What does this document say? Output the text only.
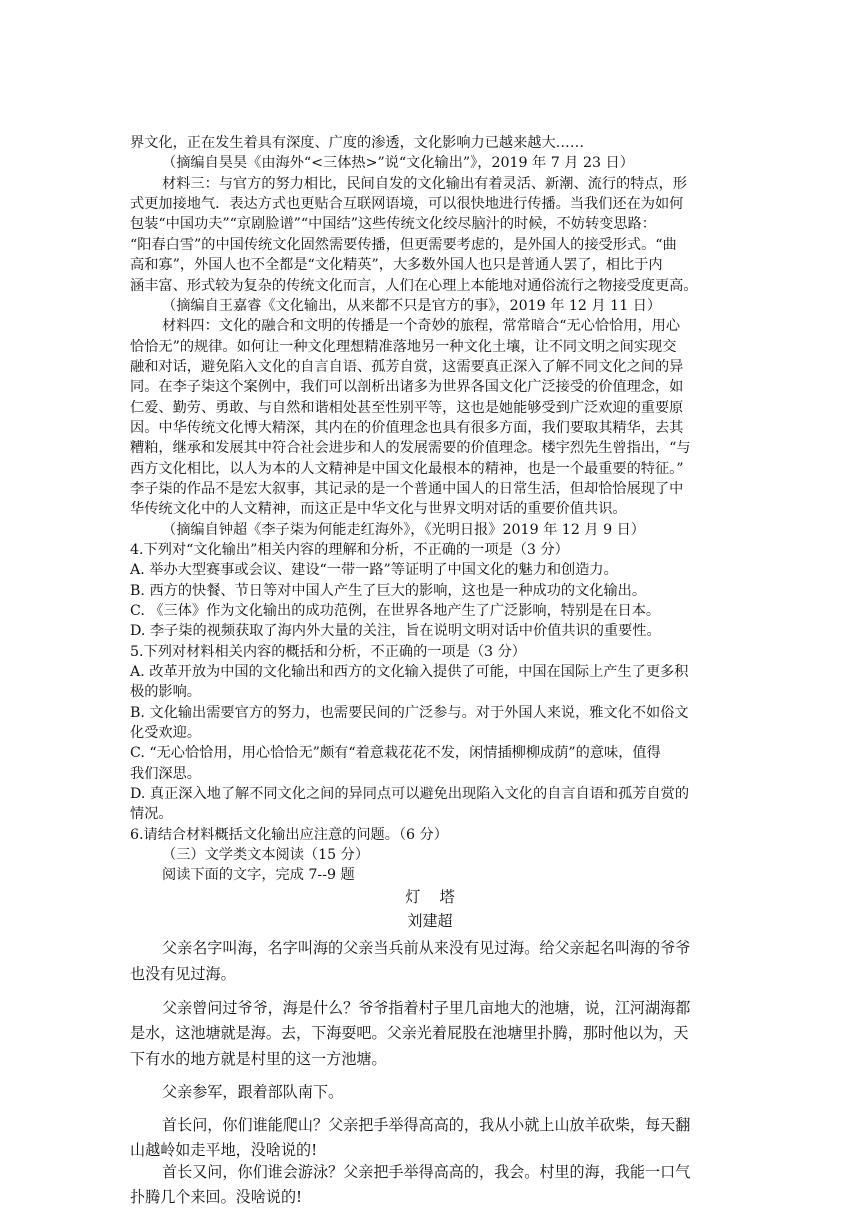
界文化，正在发生着具有深度、广度的渗透，文化影响力已越来越大……
（摘编自昊昊《由海外“<三体热>”说“文化输出”》，2019 年 7 月 23 日）
材料三：与官方的努力相比，民间自发的文化输出有着灵活、新潮、流行的特点，形
式更加接地气．表达方式也更贴合互联网语境，可以很快地进行传播。当我们还在为如何
包装“中国功夫”“京剧脸谱”“中国结”这些传统文化绞尽脑汁的时候，不妨转变思路：
“阳春白雪”的中国传统文化固然需要传播，但更需要考虑的，是外国人的接受形式。“曲
高和寡”，外国人也不全都是“文化精英”，大多数外国人也只是普通人罢了，相比于内
涵丰富、形式较为复杂的传统文化而言，人们在心理上本能地对通俗流行之物接受度更高。
（摘编自王嘉睿《文化输出，从来都不只是官方的事》，2019 年 12 月 11 日）
材料四：文化的融合和文明的传播是一个奇妙的旅程，常常暗合“无心恰恰用，用心
恰恰无”的规律。如何让一种文化理想精准落地另一种文化土壤，让不同文明之间实现交
融和对话，避免陷入文化的自言自语、孤芳自赏，这需要真正深入了解不同文化之间的异
同。在李子柒这个案例中，我们可以剖析出诸多为世界各国文化广泛接受的价值理念，如
仁爱、勤劳、勇敢、与自然和谐相处甚至性别平等，这也是她能够受到广泛欢迎的重要原
因。中华传统文化博大精深，其内在的价值理念也具有很多方面，我们要取其精华，去其
糟粕，继承和发展其中符合社会进步和人的发展需要的价值理念。楼宇烈先生曾指出，“与
西方文化相比，以人为本的人文精神是中国文化最根本的精神，也是一个最重要的特征。”
李子柒的作品不是宏大叙事，其记录的是一个普通中国人的日常生活，但却恰恰展现了中
华传统文化中的人文精神，而这正是中华文化与世界文明对话的重要价值共识。
（摘编自钟超《李子柒为何能走红海外》，《光明日报》2019 年 12 月 9 日）
4.下列对“文化输出”相关内容的理解和分析，不正确的一项是（3 分）
A. 举办大型赛事或会议、建设“一带一路”等证明了中国文化的魅力和创造力。
B. 西方的快餐、节日等对中国人产生了巨大的影响，这也是一种成功的文化输出。
C. 《三体》作为文化输出的成功范例，在世界各地产生了广泛影响，特别是在日本。
D. 李子柒的视频获取了海内外大量的关注，旨在说明文明对话中价值共识的重要性。
5.下列对材料相关内容的概括和分析，不正确的一项是（3 分）
A. 改革开放为中国的文化输出和西方的文化输入提供了可能，中国在国际上产生了更多积
极的影响。
B. 文化输出需要官方的努力，也需要民间的广泛参与。对于外国人来说，雅文化不如俗文
化受欢迎。
C. “无心恰恰用，用心恰恰无”颇有“着意栽花花不发，闲情插柳柳成荫”的意味，值得
我们深思。
D. 真正深入地了解不同文化之间的异同点可以避免出现陷入文化的自言自语和孤芳自赏的
情况。
6.请结合材料概括文化输出应注意的问题。（6 分）
（三）文学类文本阅读（15 分）
阅读下面的文字，完成 7--9 题
灯    塔
刘建超
父亲名字叫海，名字叫海的父亲当兵前从来没有见过海。给父亲起名叫海的爷爷
也没有见过海。
父亲曾问过爷爷，海是什么？爷爷指着村子里几亩地大的池塘，说，江河湖海都
是水，这池塘就是海。去，下海耍吧。父亲光着屁股在池塘里扑腾，那时他以为，天
下有水的地方就是村里的这一方池塘。
父亲参军，跟着部队南下。
首长问，你们谁能爬山？父亲把手举得高高的，我从小就上山放羊砍柴，每天翻
山越岭如走平地，没啥说的!
首长又问，你们谁会游泳？父亲把手举得高高的，我会。村里的海，我能一口气
扑腾几个来回。没啥说的!
